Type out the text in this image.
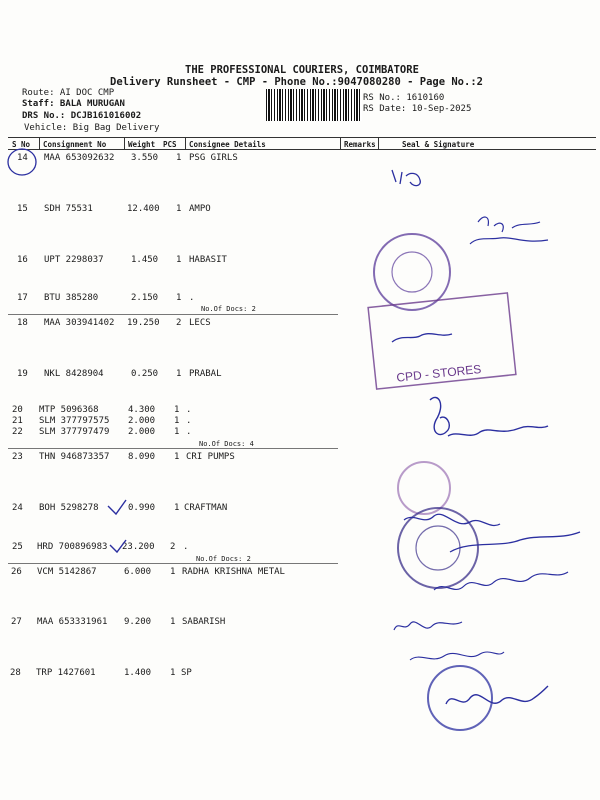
THE PROFESSIONAL COURIERS, COIMBATORE
Delivery Runsheet - CMP - Phone No.:9047080280 - Page No.:2
Route: AI DOC CMP
Staff: BALA MURUGAN
DRS No.: DCJB161016002
Vehicle: Big Bag Delivery
RS No.: 1610160
RS Date: 10-Sep-2025
S No Consignment No	Weight PCS Consignee Details	Remarks	Seal & Signature
14 MAA 653092632 3.550 1 PSG GIRLS
15 SDH 75531	12.400 1 AMPO
16 UPT 2298037	1.450 1 HABASIT
17 BTU 385280	2.150 1 .
No.Of Docs: 2
18 MAA 303941402 19.250 2 LECS
19 NKL 8428904	0.250 1 PRABAL
20 MTP 5096368	4.300 1 .
21 SLM 377797575 2.000 1 .
22 SLM 377797479 2.000 1 .
No.Of Docs: 4
23 THN 946873357 8.090 1 CRI PUMPS
24 BOH 5298278	0.990 1 CRAFTMAN
25 HRD 700896983 23.200 2 .
No.Of Docs: 2
26 VCM 5142867	6.000 1 RADHA KRISHNA METAL
27 MAA 653331961 9.200 1 SABARISH
28 TRP 1427601	1.400 1 SP
CPD - STORES
